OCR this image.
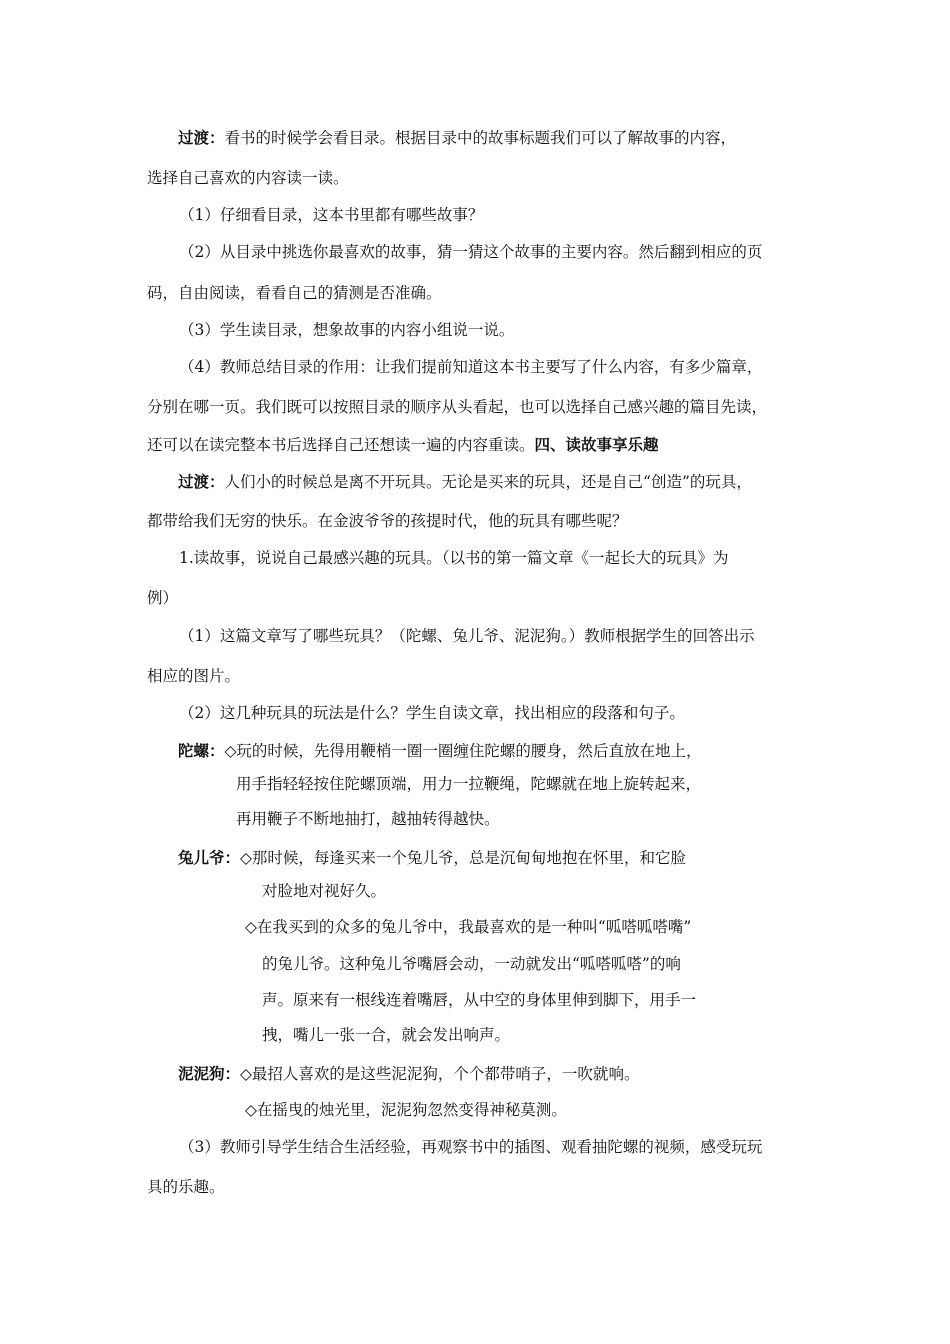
过渡：看书的时候学会看目录。根据目录中的故事标题我们可以了解故事的内容，
选择自己喜欢的内容读一读。
（1）仔细看目录，这本书里都有哪些故事？
（2）从目录中挑选你最喜欢的故事，猜一猜这个故事的主要内容。然后翻到相应的页
码，自由阅读，看看自己的猜测是否准确。
（3）学生读目录，想象故事的内容小组说一说。
（4）教师总结目录的作用：让我们提前知道这本书主要写了什么内容，有多少篇章，
分别在哪一页。我们既可以按照目录的顺序从头看起，也可以选择自己感兴趣的篇目先读，
还可以在读完整本书后选择自己还想读一遍的内容重读。四、读故事享乐趣
过渡：人们小的时候总是离不开玩具。无论是买来的玩具，还是自己“创造”的玩具，
都带给我们无穷的快乐。在金波爷爷的孩提时代，他的玩具有哪些呢？
1.读故事，说说自己最感兴趣的玩具。（以书的第一篇文章《一起长大的玩具》为
例）
（1）这篇文章写了哪些玩具？（陀螺、兔儿爷、泥泥狗。）教师根据学生的回答出示
相应的图片。
（2）这几种玩具的玩法是什么？学生自读文章，找出相应的段落和句子。
陀螺：◇玩的时候，先得用鞭梢一圈一圈缠住陀螺的腰身，然后直放在地上，
用手指轻轻按住陀螺顶端，用力一拉鞭绳，陀螺就在地上旋转起来，
再用鞭子不断地抽打，越抽转得越快。
兔儿爷：◇那时候，每逢买来一个兔儿爷，总是沉甸甸地抱在怀里，和它脸
对脸地对视好久。
◇在我买到的众多的兔儿爷中，我最喜欢的是一种叫“呱嗒呱嗒嘴”
的兔儿爷。这种兔儿爷嘴唇会动，一动就发出“呱嗒呱嗒”的响
声。原来有一根线连着嘴唇，从中空的身体里伸到脚下，用手一
拽，嘴儿一张一合，就会发出响声。
泥泥狗：◇最招人喜欢的是这些泥泥狗，个个都带哨子，一吹就响。
◇在摇曳的烛光里，泥泥狗忽然变得神秘莫测。
（3）教师引导学生结合生活经验，再观察书中的插图、观看抽陀螺的视频，感受玩玩
具的乐趣。
